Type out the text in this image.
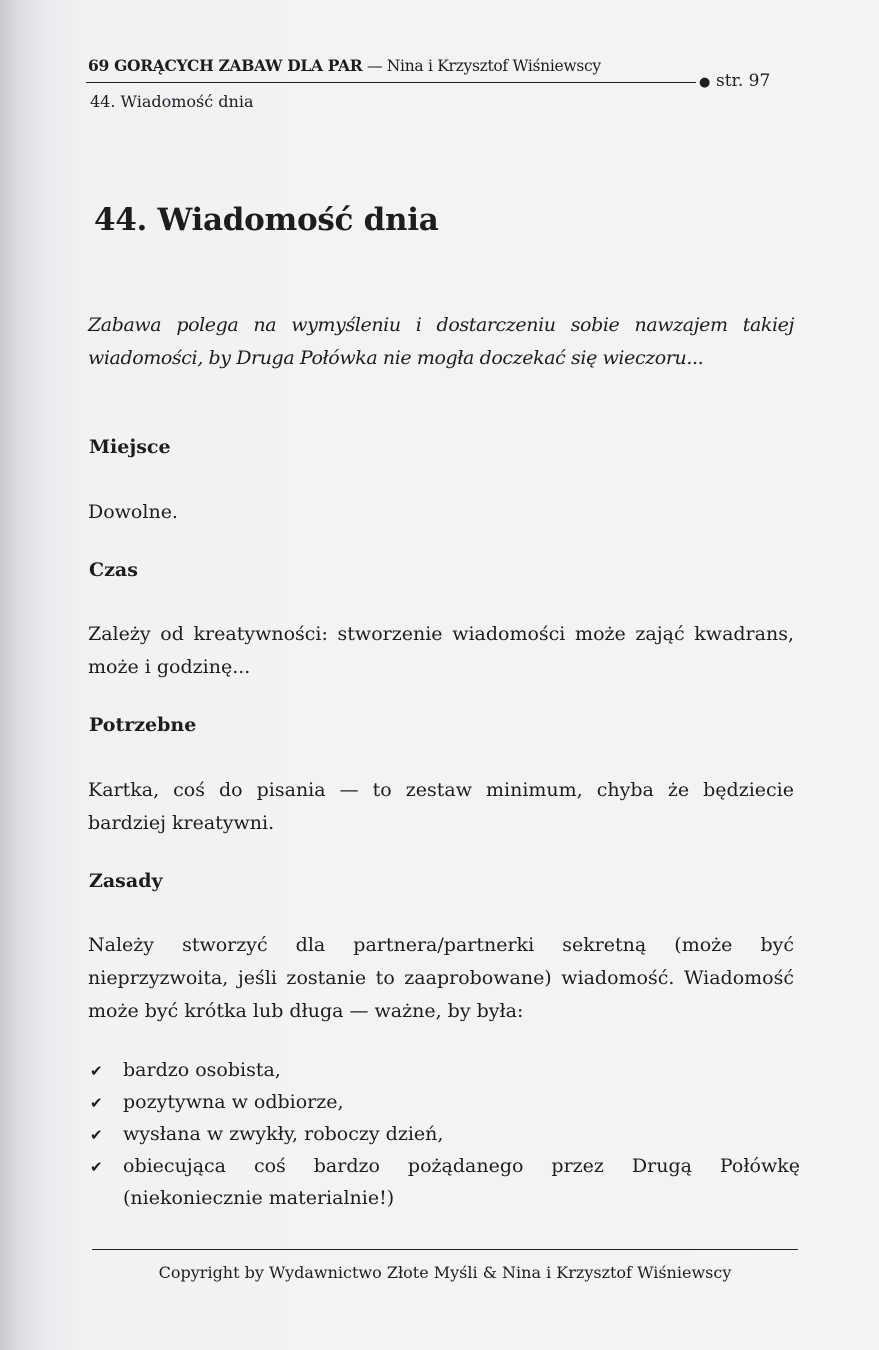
69 GORĄCYCH ZABAW DLA PAR — Nina i Krzysztof Wiśniewscy
● str. 97
44. Wiadomość dnia
44. Wiadomość dnia

Zabawa polega na wymyśleniu i dostarczeniu sobie nawzajem takiej wiadomości, by Druga Połówka nie mogła doczekać się wieczoru...

Miejsce

Dowolne.

Czas

Zależy od kreatywności: stworzenie wiadomości może zająć kwadrans, może i godzinę...

Potrzebne

Kartka, coś do pisania — to zestaw minimum, chyba że będziecie bardziej kreatywni.

Zasady

Należy stworzyć dla partnera/partnerki sekretną (może być nieprzyzwoita, jeśli zostanie to zaaprobowane) wiadomość. Wiadomość może być krótka lub długa — ważne, by była:

✔ bardzo osobista,
✔ pozytywna w odbiorze,
✔ wysłana w zwykły, roboczy dzień,
✔ obiecująca coś bardzo pożądanego przez Drugą Połówkę (niekoniecznie materialnie!)
Copyright by Wydawnictwo Złote Myśli & Nina i Krzysztof Wiśniewscy
